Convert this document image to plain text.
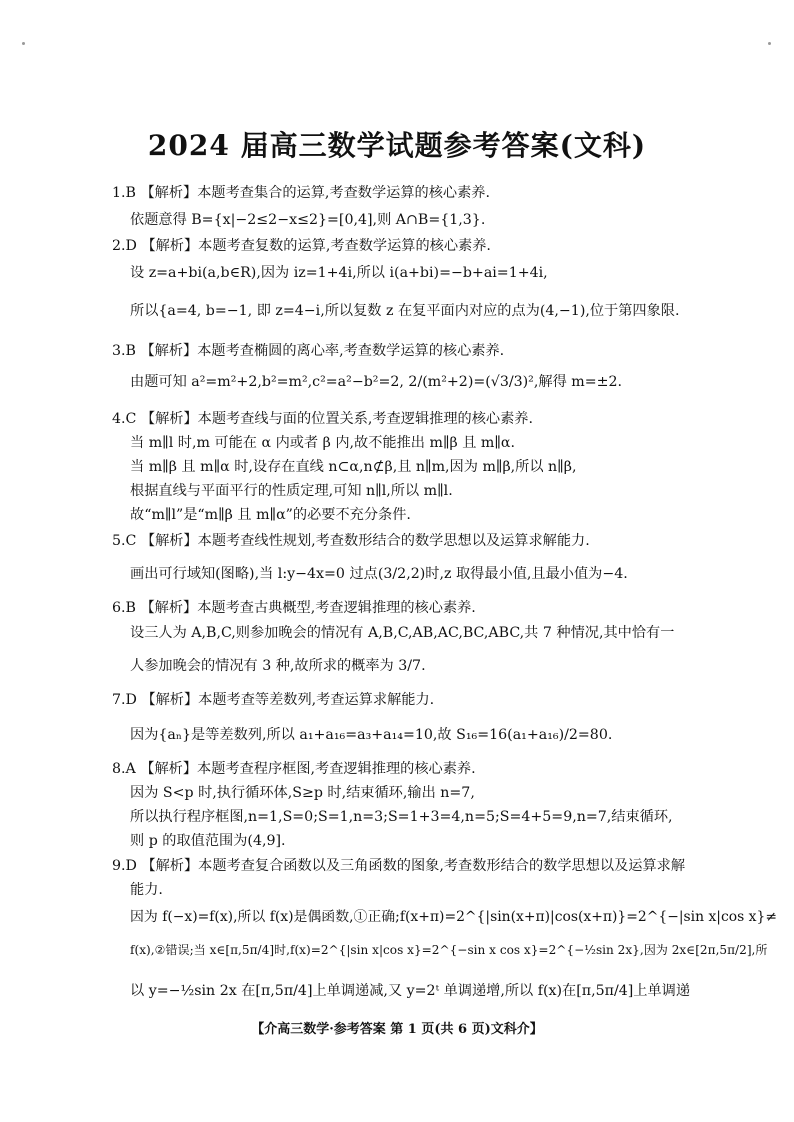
2024 届高三数学试题参考答案(文科)
1.B 【解析】本题考查集合的运算,考查数学运算的核心素养.
依题意得 B={x|−2≤2−x≤2}=[0,4],则 A∩B={1,3}.
2.D 【解析】本题考查复数的运算,考查数学运算的核心素养.
设 z=a+bi(a,b∈R),因为 iz=1+4i,所以 i(a+bi)=−b+ai=1+4i,
所以{a=4, b=−1, 即 z=4−i,所以复数 z 在复平面内对应的点为(4,−1),位于第四象限.
3.B 【解析】本题考查椭圆的离心率,考查数学运算的核心素养.
由题可知 a²=m²+2,b²=m²,c²=a²−b²=2, 2/(m²+2)=(√3/3)²,解得 m=±2.
4.C 【解析】本题考查线与面的位置关系,考查逻辑推理的核心素养.
当 m∥l 时,m 可能在 α 内或者 β 内,故不能推出 m∥β 且 m∥α.
当 m∥β 且 m∥α 时,设存在直线 n⊂α,n⊄β,且 n∥m,因为 m∥β,所以 n∥β,
根据直线与平面平行的性质定理,可知 n∥l,所以 m∥l.
故“m∥l”是“m∥β 且 m∥α”的必要不充分条件.
5.C 【解析】本题考查线性规划,考查数形结合的数学思想以及运算求解能力.
画出可行域知(图略),当 l:y−4x=0 过点(3/2,2)时,z 取得最小值,且最小值为−4.
6.B 【解析】本题考查古典概型,考查逻辑推理的核心素养.
设三人为 A,B,C,则参加晚会的情况有 A,B,C,AB,AC,BC,ABC,共 7 种情况,其中恰有一
人参加晚会的情况有 3 种,故所求的概率为 3/7.
7.D 【解析】本题考查等差数列,考查运算求解能力.
因为{aₙ}是等差数列,所以 a₁+a₁₆=a₃+a₁₄=10,故 S₁₆=16(a₁+a₁₆)/2=80.
8.A 【解析】本题考查程序框图,考查逻辑推理的核心素养.
因为 S<p 时,执行循环体,S≥p 时,结束循环,输出 n=7,
所以执行程序框图,n=1,S=0;S=1,n=3;S=1+3=4,n=5;S=4+5=9,n=7,结束循环,
则 p 的取值范围为(4,9].
9.D 【解析】本题考查复合函数以及三角函数的图象,考查数形结合的数学思想以及运算求解
能力.
因为 f(−x)=f(x),所以 f(x)是偶函数,①正确;f(x+π)=2^{|sin(x+π)|cos(x+π)}=2^{−|sin x|cos x}≠
f(x),②错误;当 x∈[π,5π/4]时,f(x)=2^{|sin x|cos x}=2^{−sin x cos x}=2^{−½sin 2x},因为 2x∈[2π,5π/2],所
以 y=−½sin 2x 在[π,5π/4]上单调递减,又 y=2ᵗ 单调递增,所以 f(x)在[π,5π/4]上单调递
【介高三数学·参考答案 第 1 页(共 6 页)文科介】
